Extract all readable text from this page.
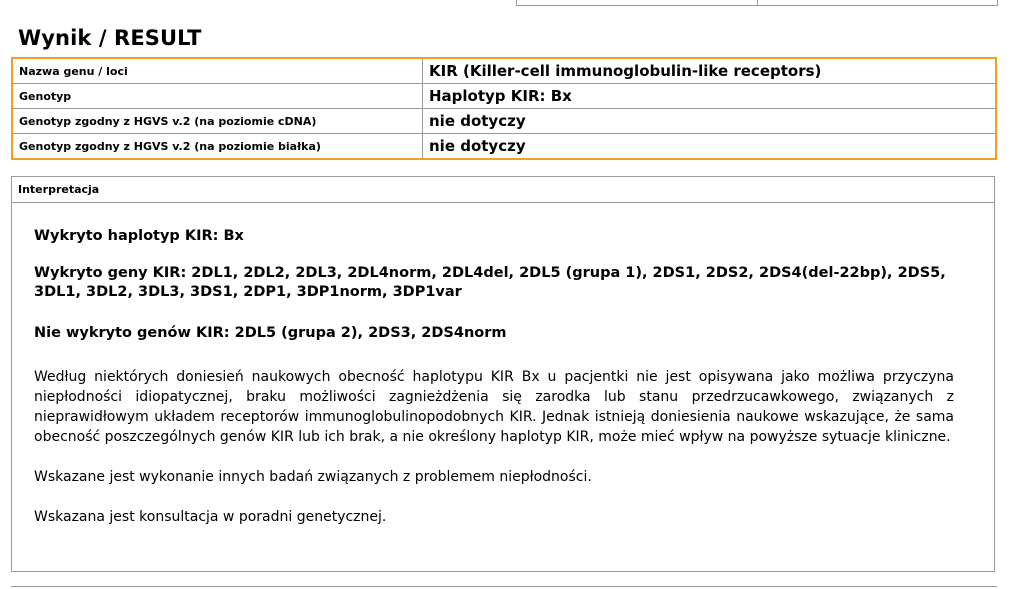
Wynik / RESULT
Nazwa genu / loci	KIR (Killer-cell immunoglobulin-like receptors)
Genotyp	Haplotyp KIR: Bx
Genotyp zgodny z HGVS v.2 (na poziomie cDNA)	nie dotyczy
Genotyp zgodny z HGVS v.2 (na poziomie białka)	nie dotyczy
Interpretacja

Wykryto haplotyp KIR: Bx

Wykryto geny KIR: 2DL1, 2DL2, 2DL3, 2DL4norm, 2DL4del, 2DL5 (grupa 1), 2DS1, 2DS2, 2DS4(del-22bp), 2DS5, 3DL1, 3DL2, 3DL3, 3DS1, 2DP1, 3DP1norm, 3DP1var

Nie wykryto genów KIR: 2DL5 (grupa 2), 2DS3, 2DS4norm

Według niektórych doniesień naukowych obecność haplotypu KIR Bx u pacjentki nie jest opisywana jako możliwa przyczyna niepłodności idiopatycznej, braku możliwości zagnieżdżenia się zarodka lub stanu przedrzucawkowego, związanych z nieprawidłowym układem receptorów immunoglobulinopodobnych KIR. Jednak istnieją doniesienia naukowe wskazujące, że sama obecność poszczególnych genów KIR lub ich brak, a nie określony haplotyp KIR, może mieć wpływ na powyższe sytuacje kliniczne.

Wskazane jest wykonanie innych badań związanych z problemem niepłodności.

Wskazana jest konsultacja w poradni genetycznej.
